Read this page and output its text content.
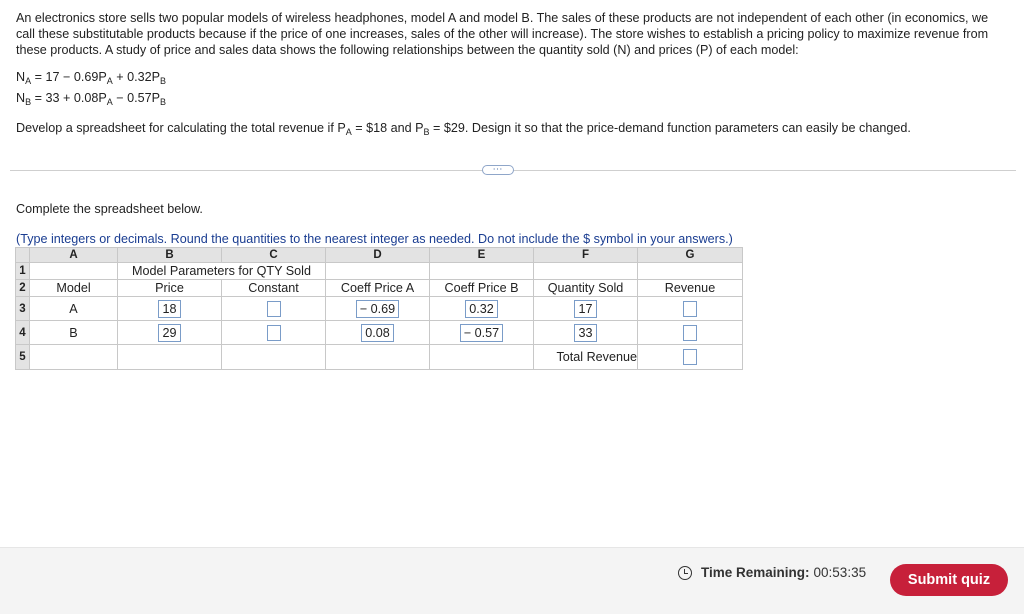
An electronics store sells two popular models of wireless headphones, model A and model B. The sales of these products are not independent of each other (in economics, we call these substitutable products because if the price of one increases, sales of the other will increase). The store wishes to establish a pricing policy to maximize revenue from these products. A study of price and sales data shows the following relationships between the quantity sold (N) and prices (P) of each model:

$N_A = 17 - 0.69P_A + 0.32P_B$
$N_B = 33 + 0.08P_A - 0.57P_B$
Develop a spreadsheet for calculating the total revenue if $P_A$ = $18 and $P_B$ = $29. Design it so that the price-demand function parameters can easily be changed.
⋯
Complete the spreadsheet below.
(Type integers or decimals. Round the quantities to the nearest integer as needed. Do not include the $ symbol in your answers.)
	A	B	C	D	E	F	G
1		Model Parameters for QTY Sold					
2	Model	Price	Constant	Coeff Price A	Coeff Price B	Quantity Sold	Revenue
3	A	18		− 0.69	0.32	17	
4	B	29		0.08	− 0.57	33	
5						Total Revenue	
Time Remaining: 00:53:35	Submit quiz
